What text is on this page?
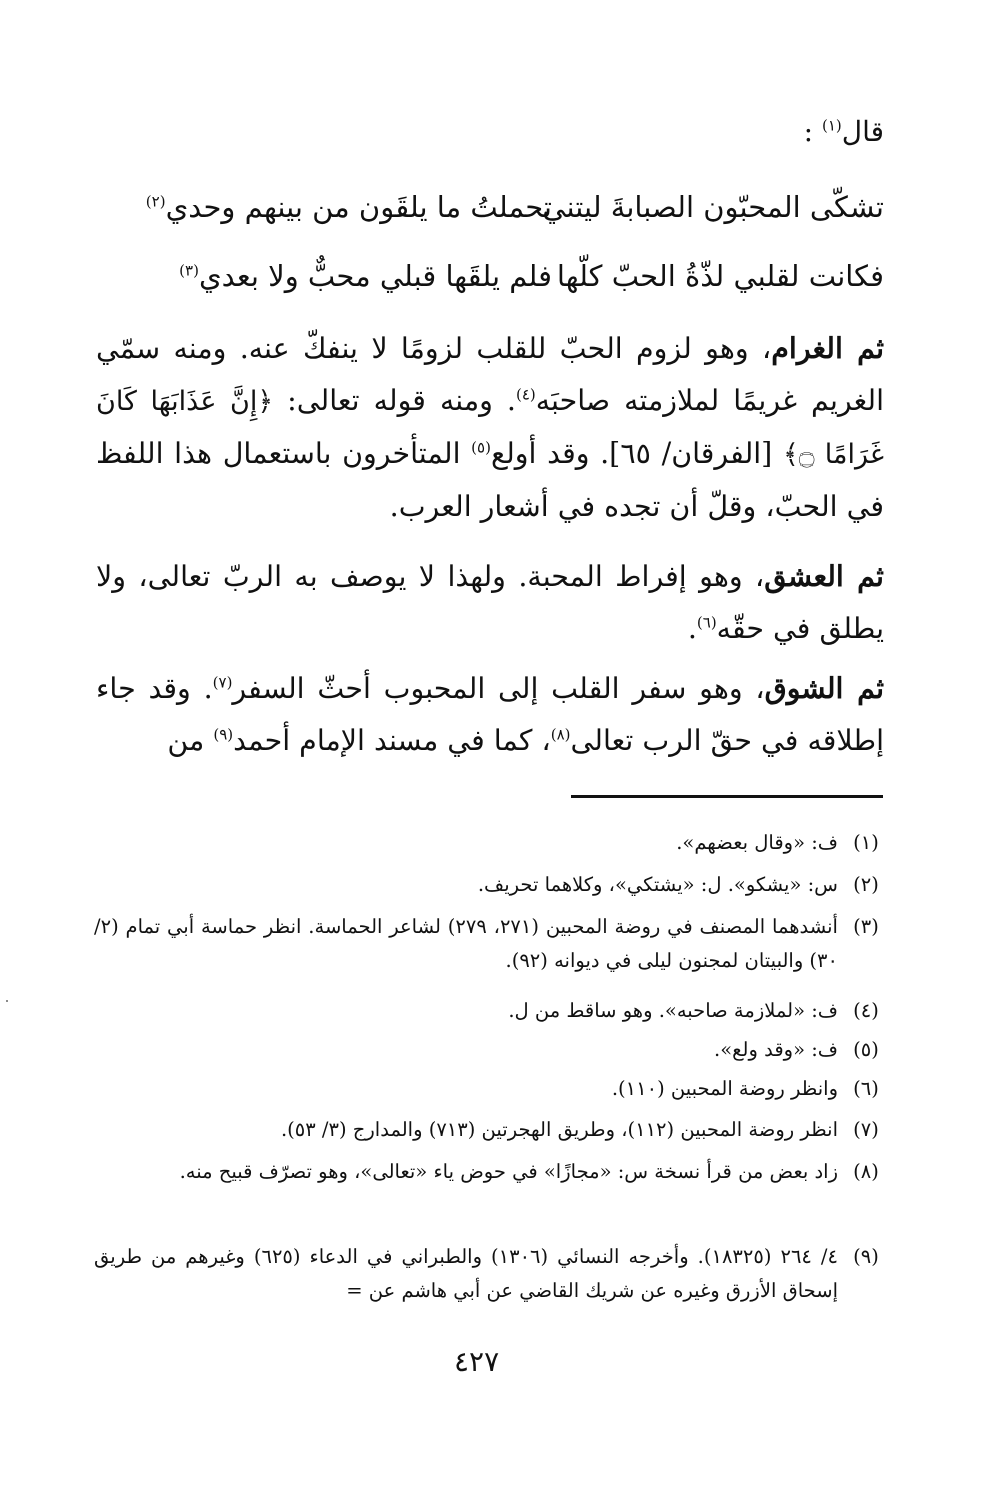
قال$^{(١)}$ :
تشكّى المحبّون الصبابةَ ليتني
تحملتُ ما يلقَون من بينهم وحدي$^{(٢)}$
فكانت لقلبي لذّةُ الحبّ كلّها
فلم يلقَها قبلي محبٌّ ولا بعدي$^{(٣)}$
ثم الغرام، وهو لزوم الحبّ للقلب لزومًا لا ينفكّ عنه. ومنه سمّي الغريم غريمًا لملازمته صاحبَه$^{(٤)}$. ومنه قوله تعالى: ﴿إِنَّ عَذَابَهَا كَانَ غَرَامًا ۝﴾ [الفرقان/ ٦٥]. وقد أولع$^{(٥)}$ المتأخرون باستعمال هذا اللفظ في الحبّ، وقلّ أن تجده في أشعار العرب.
ثم العشق، وهو إفراط المحبة. ولهذا لا يوصف به الربّ تعالى، ولا يطلق في حقّه$^{(٦)}$.
ثم الشوق، وهو سفر القلب إلى المحبوب أحثّ السفر$^{(٧)}$. وقد جاء إطلاقه في حقّ الرب تعالى$^{(٨)}$، كما في مسند الإمام أحمد$^{(٩)}$ من
(١)
ف: «وقال بعضهم».
(٢)
س: «يشكو». ل: «يشتكي»، وكلاهما تحريف.
(٣)
أنشدهما المصنف في روضة المحبين (٢٧١، ٢٧٩) لشاعر الحماسة. انظر حماسة أبي تمام (٢/ ٣٠) والبيتان لمجنون ليلى في ديوانه (٩٢).
(٤)
ف: «لملازمة صاحبه». وهو ساقط من ل.
(٥)
ف: «وقد ولع».
(٦)
وانظر روضة المحبين (١١٠).
(٧)
انظر روضة المحبين (١١٢)، وطريق الهجرتين (٧١٣) والمدارج (٣/ ٥٣).
(٨)
زاد بعض من قرأ نسخة س: «مجازًا» في حوض ياء «تعالى»، وهو تصرّف قبيح منه.
(٩)
٤/ ٢٦٤ (١٨٣٢٥). وأخرجه النسائي (١٣٠٦) والطبراني في الدعاء (٦٢٥) وغيرهم من طريق إسحاق الأزرق وغيره عن شريك القاضي عن أبي هاشم عن =
٤٢٧
